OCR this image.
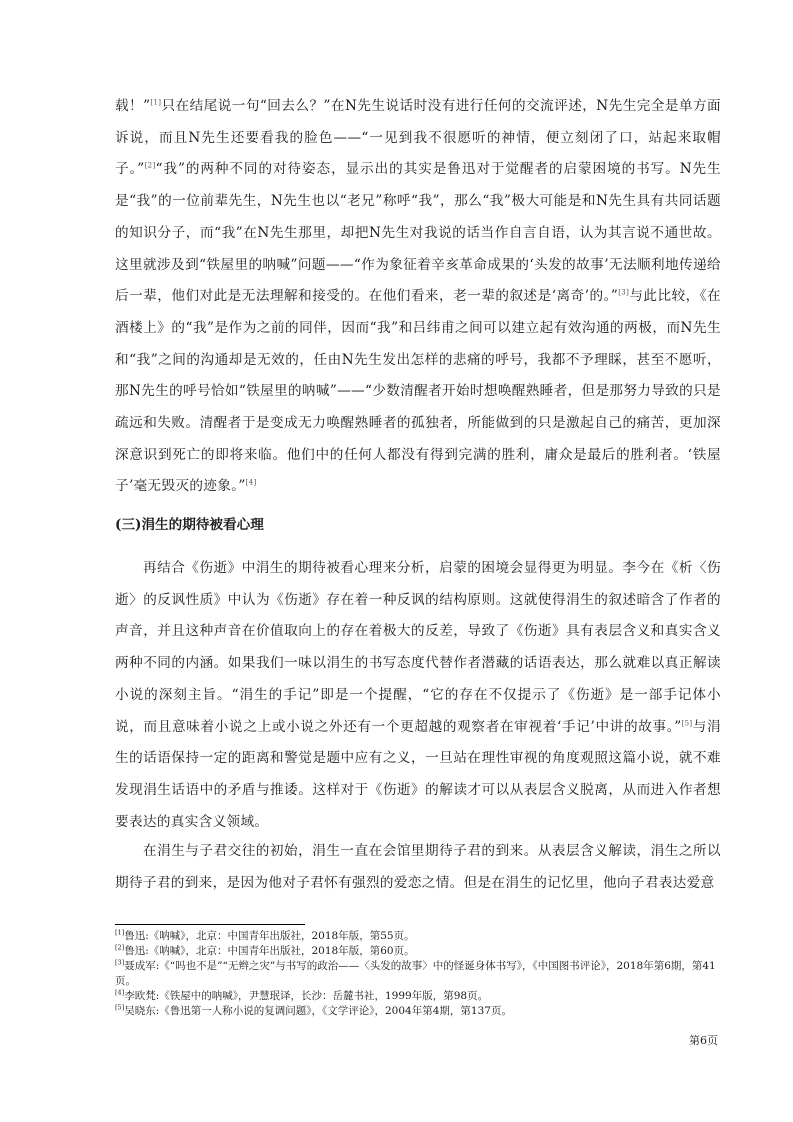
载！”[1]只在结尾说一句“回去么？”在N先生说话时没有进行任何的交流评述，N先生完全是单方面诉说，而且N先生还要看我的脸色——“一见到我不很愿听的神情，便立刻闭了口，站起来取帽子。”[2]“我”的两种不同的对待姿态，显示出的其实是鲁迅对于觉醒者的启蒙困境的书写。N先生是“我”的一位前辈先生，N先生也以“老兄”称呼“我”，那么“我”极大可能是和N先生具有共同话题的知识分子，而“我”在N先生那里，却把N先生对我说的话当作自言自语，认为其言说不通世故。这里就涉及到“铁屋里的呐喊”问题——“作为象征着辛亥革命成果的‘头发的故事’无法顺利地传递给后一辈，他们对此是无法理解和接受的。在他们看来，老一辈的叙述是‘离奇’的。”[3]与此比较，《在酒楼上》的“我”是作为之前的同伴，因而“我”和吕纬甫之间可以建立起有效沟通的两极，而N先生和“我”之间的沟通却是无效的，任由N先生发出怎样的悲痛的呼号，我都不予理睬，甚至不愿听，那N先生的呼号恰如“铁屋里的呐喊”——“少数清醒者开始时想唤醒熟睡者，但是那努力导致的只是疏远和失败。清醒者于是变成无力唤醒熟睡者的孤独者，所能做到的只是激起自己的痛苦，更加深深意识到死亡的即将来临。他们中的任何人都没有得到完满的胜利，庸众是最后的胜利者。‘铁屋子’毫无毁灭的迹象。”[4]

(三)涓生的期待被看心理

再结合《伤逝》中涓生的期待被看心理来分析，启蒙的困境会显得更为明显。李今在《析〈伤逝〉的反讽性质》中认为《伤逝》存在着一种反讽的结构原则。这就使得涓生的叙述暗含了作者的声音，并且这种声音在价值取向上的存在着极大的反差，导致了《伤逝》具有表层含义和真实含义两种不同的内涵。如果我们一味以涓生的书写态度代替作者潜藏的话语表达，那么就难以真正解读小说的深刻主旨。“涓生的手记”即是一个提醒，“它的存在不仅提示了《伤逝》是一部手记体小说，而且意味着小说之上或小说之外还有一个更超越的观察者在审视着‘手记’中讲的故事。”[5]与涓生的话语保持一定的距离和警觉是题中应有之义，一旦站在理性审视的角度观照这篇小说，就不难发现涓生话语中的矛盾与推诿。这样对于《伤逝》的解读才可以从表层含义脱离，从而进入作者想要表达的真实含义领域。

在涓生与子君交往的初始，涓生一直在会馆里期待子君的到来。从表层含义解读，涓生之所以期待子君的到来，是因为他对子君怀有强烈的爱恋之情。但是在涓生的记忆里，他向子君表达爱意

[1]鲁迅:《呐喊》，北京：中国青年出版社，2018年版，第55页。

[2]鲁迅:《呐喊》，北京：中国青年出版社，2018年版，第60页。

[3]聂成军:《“吗也不是”“无辫之灾”与书写的政治——〈头发的故事〉中的怪诞身体书写》，《中国图书评论》，2018年第6期，第41页。

[4]李欧梵:《铁屋中的呐喊》，尹慧珉译，长沙：岳麓书社，1999年版，第98页。

[5]吴晓东:《鲁迅第一人称小说的复调问题》，《文学评论》，2004年第4期，第137页。

第6页
